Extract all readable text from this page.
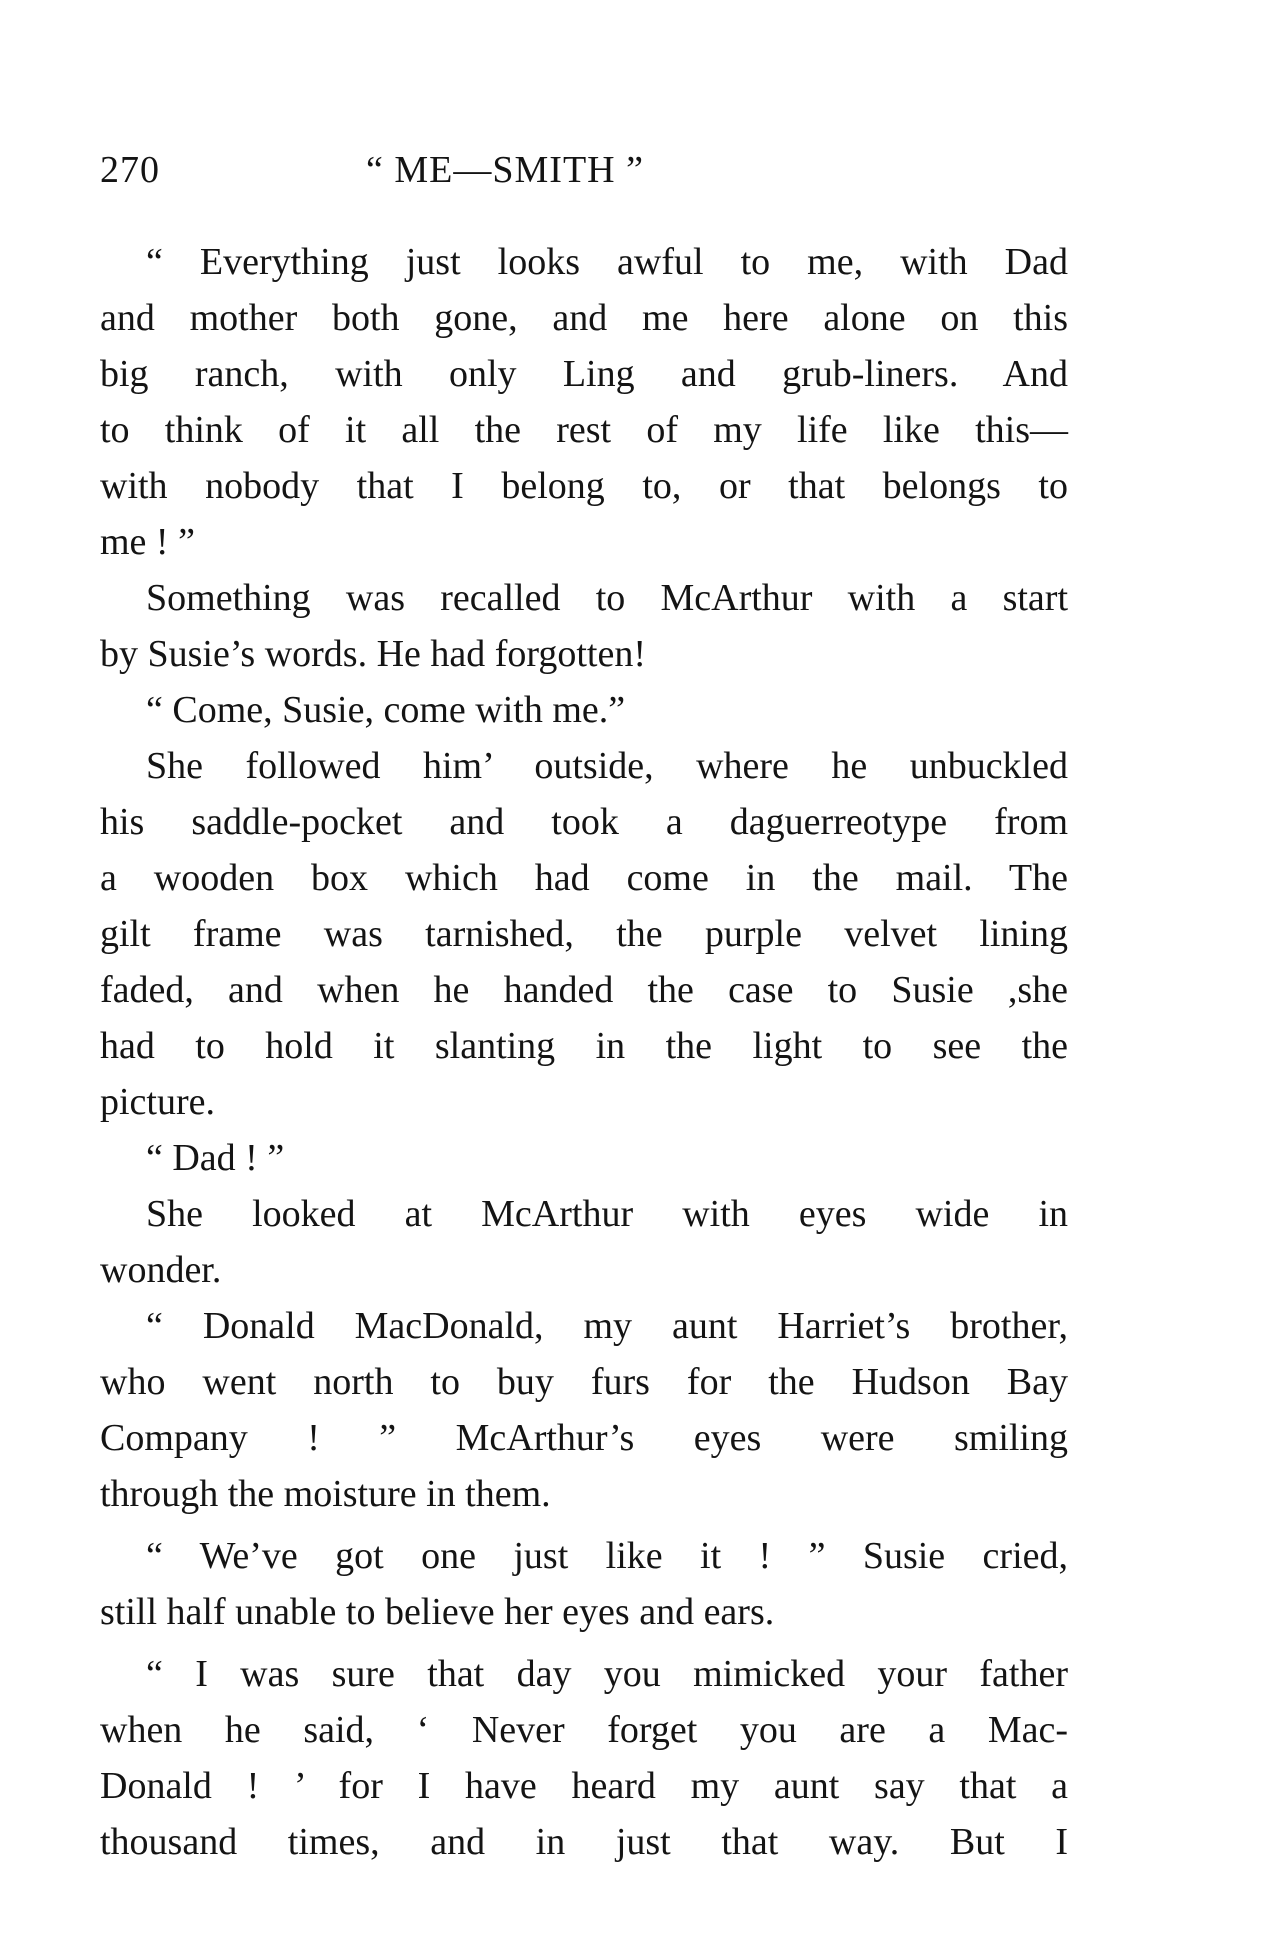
270	“ ME—SMITH ”
“ Everything just looks awful to me, with Dad
and mother both gone, and me here alone on this
big ranch, with only Ling and grub-liners. And
to think of it all the rest of my life like this—
with nobody that I belong to, or that belongs to
me ! ”
Something was recalled to McArthur with a start
by Susie’s words. He had forgotten!
“ Come, Susie, come with me.”
She followed him’ outside, where he unbuckled
his saddle-pocket and took a daguerreotype from
a wooden box which had come in the mail. The
gilt frame was tarnished, the purple velvet lining
faded, and when he handed the case to Susie ,she
had to hold it slanting in the light to see the
picture.
“ Dad ! ”
She looked at McArthur with eyes wide in
wonder.
“ Donald MacDonald, my aunt Harriet’s brother,
who went north to buy furs for the Hudson Bay
Company ! ” McArthur’s eyes were smiling
through the moisture in them.
“ We’ve got one just like it ! ” Susie cried,
still half unable to believe her eyes and ears.
“ I was sure that day you mimicked your father
when he said, ‘ Never forget you are a Mac-
Donald ! ’ for I have heard my aunt say that a
thousand times, and in just that way. But I
